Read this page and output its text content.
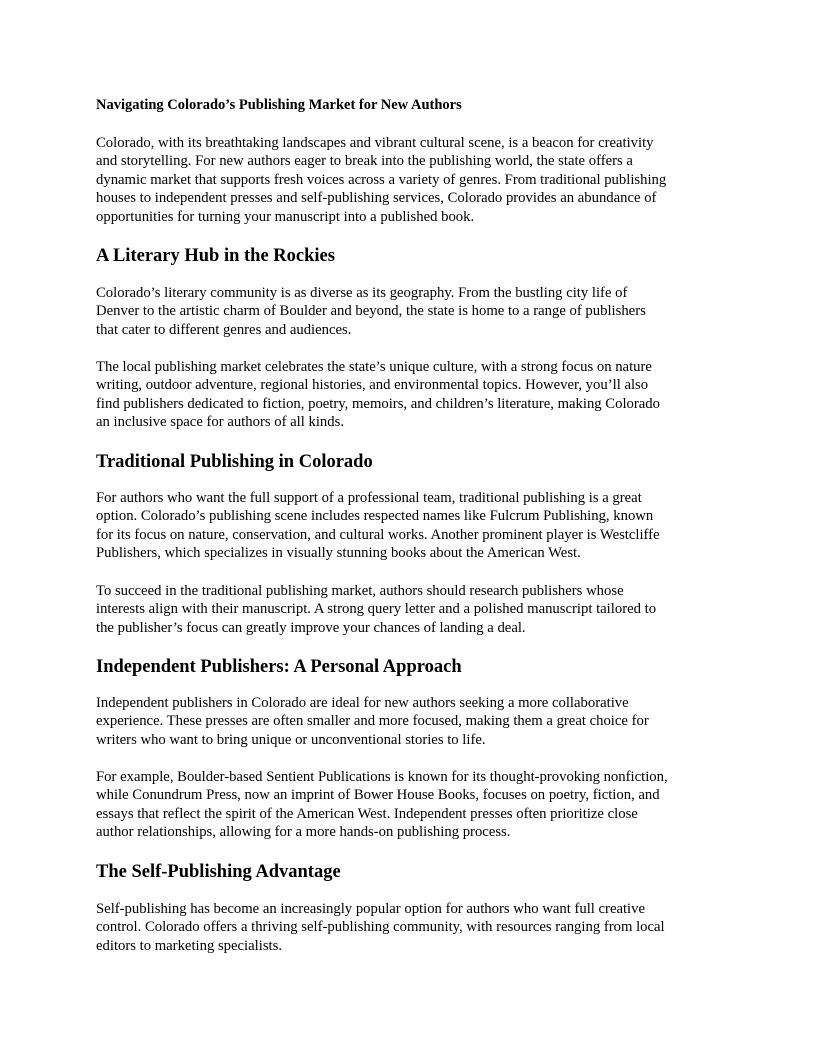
Navigating Colorado’s Publishing Market for New Authors

Colorado, with its breathtaking landscapes and vibrant cultural scene, is a beacon for creativity
and storytelling. For new authors eager to break into the publishing world, the state offers a
dynamic market that supports fresh voices across a variety of genres. From traditional publishing
houses to independent presses and self-publishing services, Colorado provides an abundance of
opportunities for turning your manuscript into a published book.

A Literary Hub in the Rockies

Colorado’s literary community is as diverse as its geography. From the bustling city life of
Denver to the artistic charm of Boulder and beyond, the state is home to a range of publishers
that cater to different genres and audiences.

The local publishing market celebrates the state’s unique culture, with a strong focus on nature
writing, outdoor adventure, regional histories, and environmental topics. However, you’ll also
find publishers dedicated to fiction, poetry, memoirs, and children’s literature, making Colorado
an inclusive space for authors of all kinds.

Traditional Publishing in Colorado

For authors who want the full support of a professional team, traditional publishing is a great
option. Colorado’s publishing scene includes respected names like Fulcrum Publishing, known
for its focus on nature, conservation, and cultural works. Another prominent player is Westcliffe
Publishers, which specializes in visually stunning books about the American West.

To succeed in the traditional publishing market, authors should research publishers whose
interests align with their manuscript. A strong query letter and a polished manuscript tailored to
the publisher’s focus can greatly improve your chances of landing a deal.

Independent Publishers: A Personal Approach

Independent publishers in Colorado are ideal for new authors seeking a more collaborative
experience. These presses are often smaller and more focused, making them a great choice for
writers who want to bring unique or unconventional stories to life.

For example, Boulder-based Sentient Publications is known for its thought-provoking nonfiction,
while Conundrum Press, now an imprint of Bower House Books, focuses on poetry, fiction, and
essays that reflect the spirit of the American West. Independent presses often prioritize close
author relationships, allowing for a more hands-on publishing process.

The Self-Publishing Advantage

Self-publishing has become an increasingly popular option for authors who want full creative
control. Colorado offers a thriving self-publishing community, with resources ranging from local
editors to marketing specialists.
